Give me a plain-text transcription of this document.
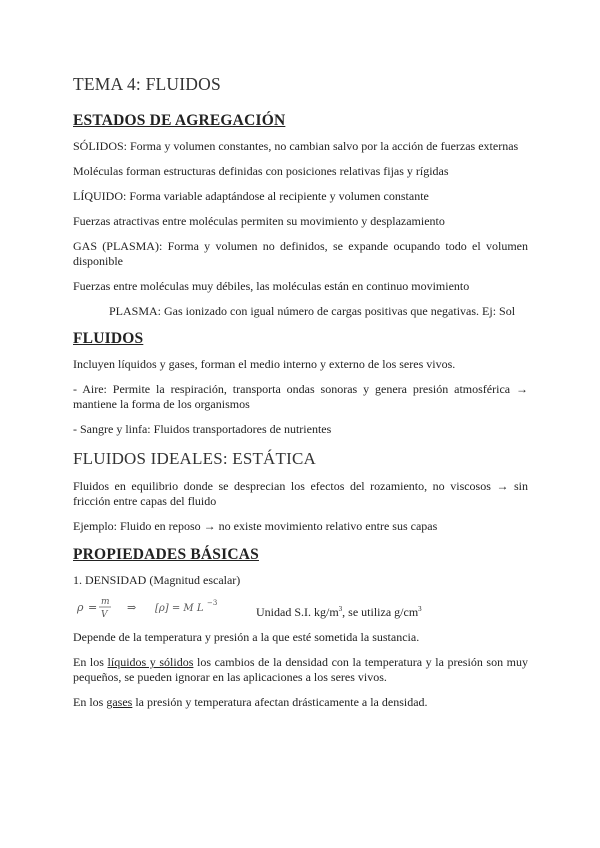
TEMA 4: FLUIDOS
ESTADOS DE AGREGACIÓN

SÓLIDOS: Forma y volumen constantes, no cambian salvo por la acción de fuerzas externas

Moléculas forman estructuras definidas con posiciones relativas fijas y rígidas

LÍQUIDO: Forma variable adaptándose al recipiente y volumen constante

Fuerzas atractivas entre moléculas permiten su movimiento y desplazamiento

GAS (PLASMA): Forma y volumen no definidos, se expande ocupando todo el volumen disponible

Fuerzas entre moléculas muy débiles, las moléculas están en continuo movimiento

PLASMA: Gas ionizado con igual número de cargas positivas que negativas. Ej: Sol

FLUIDOS

Incluyen líquidos y gases, forman el medio interno y externo de los seres vivos.

- Aire: Permite la respiración, transporta ondas sonoras y genera presión atmosférica → mantiene la forma de los organismos

- Sangre y linfa: Fluidos transportadores de nutrientes

FLUIDOS IDEALES: ESTÁTICA

Fluidos en equilibrio donde se desprecian los efectos del rozamiento, no viscosos → sin fricción entre capas del fluido

Ejemplo: Fluido en reposo → no existe movimiento relativo entre sus capas

PROPIEDADES BÁSICAS

1. DENSIDAD (Magnitud escalar)

ρ = m
V
⇒ [ρ] = M L −3
Unidad S.I. $kg/m^3$, se utiliza $g/cm^3$

Depende de la temperatura y presión a la que esté sometida la sustancia.

En los líquidos y sólidos los cambios de la densidad con la temperatura y la presión son muy pequeños, se pueden ignorar en las aplicaciones a los seres vivos.

En los gases la presión y temperatura afectan drásticamente a la densidad.
